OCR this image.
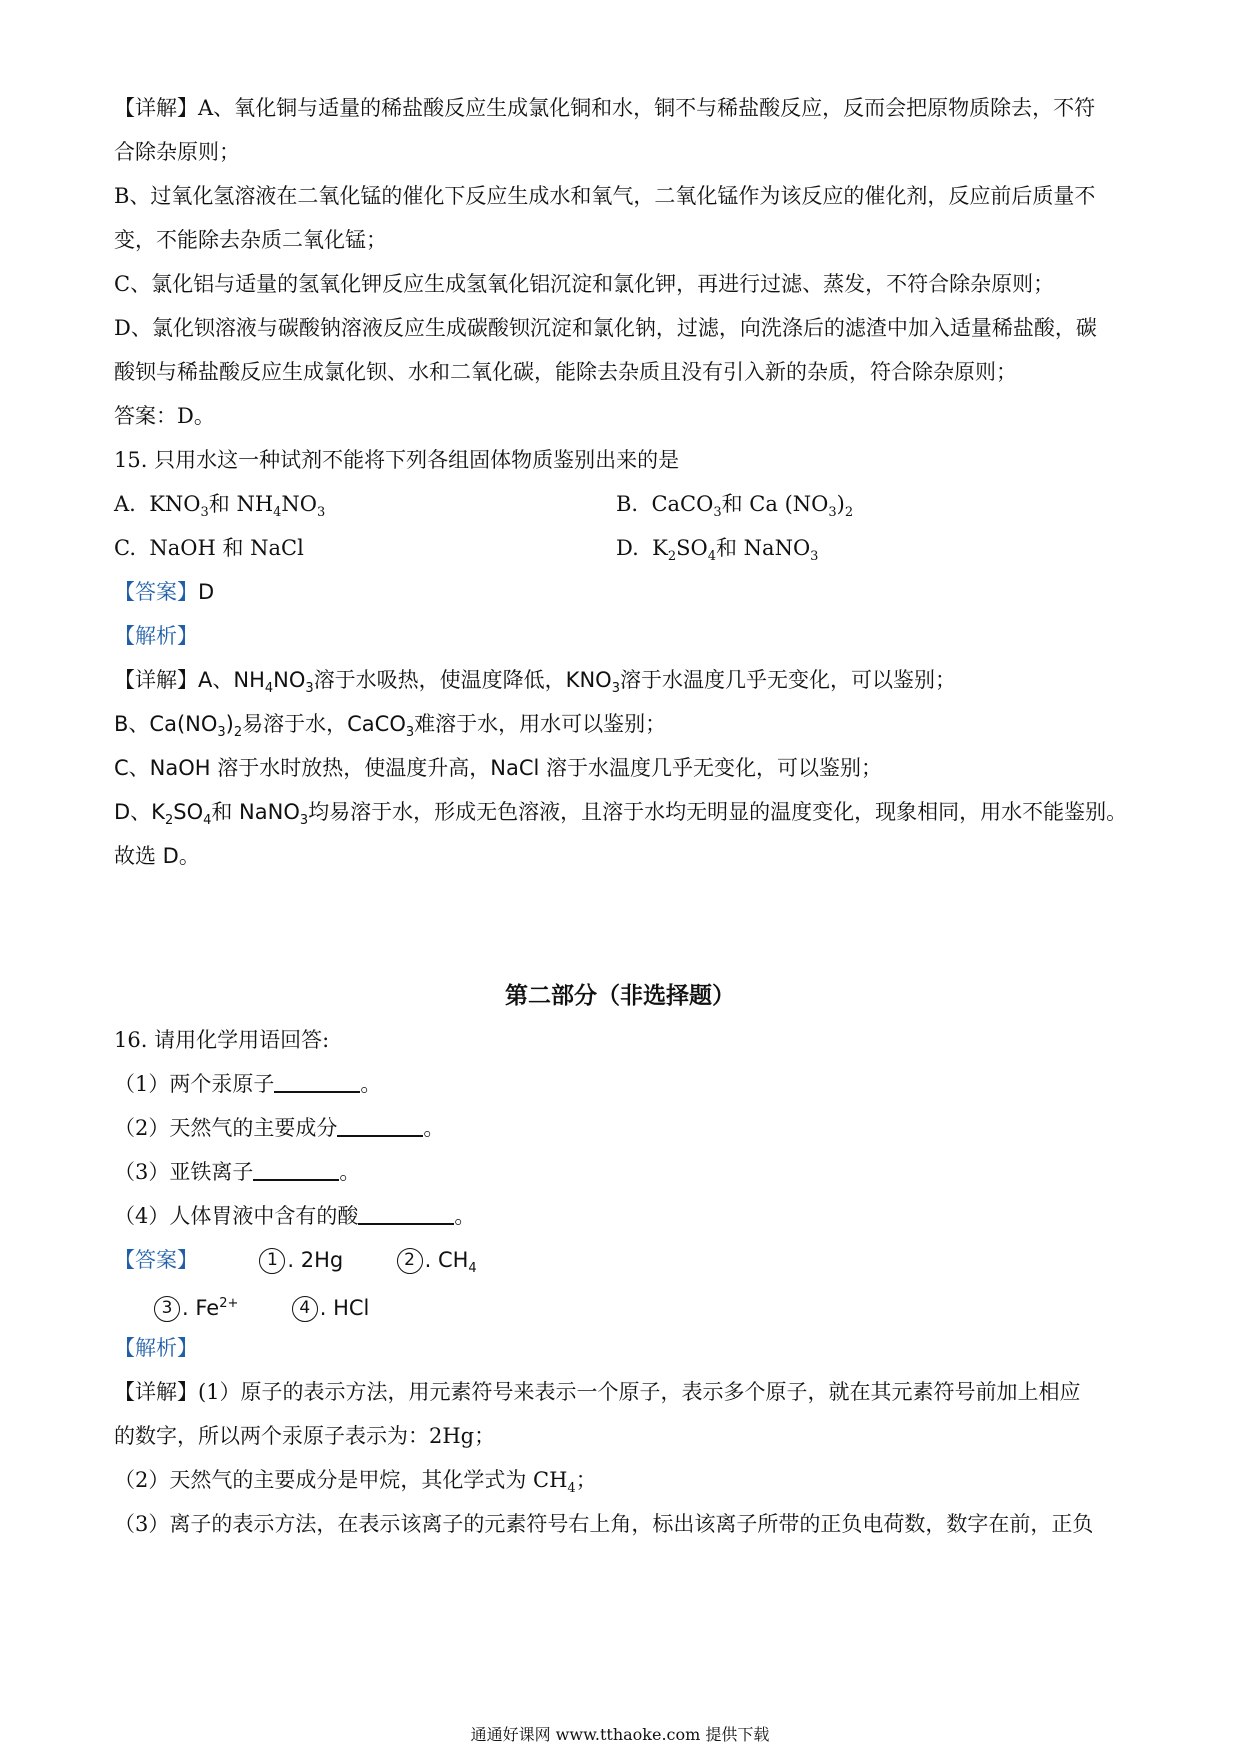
【详解】A、氧化铜与适量的稀盐酸反应生成氯化铜和水，铜不与稀盐酸反应，反而会把原物质除去，不符
合除杂原则；
B、过氧化氢溶液在二氧化锰的催化下反应生成水和氧气，二氧化锰作为该反应的催化剂，反应前后质量不
变，不能除去杂质二氧化锰；
C、氯化铝与适量的氢氧化钾反应生成氢氧化铝沉淀和氯化钾，再进行过滤、蒸发，不符合除杂原则；
D、氯化钡溶液与碳酸钠溶液反应生成碳酸钡沉淀和氯化钠，过滤，向洗涤后的滤渣中加入适量稀盐酸，碳
酸钡与稀盐酸反应生成氯化钡、水和二氧化碳，能除去杂质且没有引入新的杂质，符合除杂原则；
答案：D。
15. 只用水这一种试剂不能将下列各组固体物质鉴别出来的是
A. $KNO_3$和 $NH_4NO_3$	B. CaCO$_3$和 Ca $(NO_3)_2$
C. NaOH 和 NaCl	D. $K_2SO_4$和 NaNO$_3$
【答案】D
【解析】
【详解】A、$NH_4NO_3$溶于水吸热，使温度降低，$KNO_3$溶于水温度几乎无变化，可以鉴别；
B、$Ca(NO_3)_2$易溶于水，CaCO$_3$难溶于水，用水可以鉴别；
C、NaOH 溶于水时放热，使温度升高，NaCl 溶于水温度几乎无变化，可以鉴别；
D、$K_2SO_4$和 NaNO$_3$均易溶于水，形成无色溶液，且溶于水均无明显的温度变化，现象相同，用水不能鉴别。
故选 D。
第二部分（非选择题）
16. 请用化学用语回答:
（1）两个汞原子	。
（2）天然气的主要成分	。
（3）亚铁离子	。
（4）人体胃液中含有的酸	。
【答案】	1 . 2Hg	2 . $CH_4$
3 . $Fe^{2+}$	4 . HCl
【解析】
【详解】(1）原子的表示方法，用元素符号来表示一个原子，表示多个原子，就在其元素符号前加上相应
的数字，所以两个汞原子表示为：2Hg；
（2）天然气的主要成分是甲烷，其化学式为 $CH_4$；
（3）离子的表示方法，在表示该离子的元素符号右上角，标出该离子所带的正负电荷数，数字在前，正负
通通好课网 www.tthaoke.com 提供下载
